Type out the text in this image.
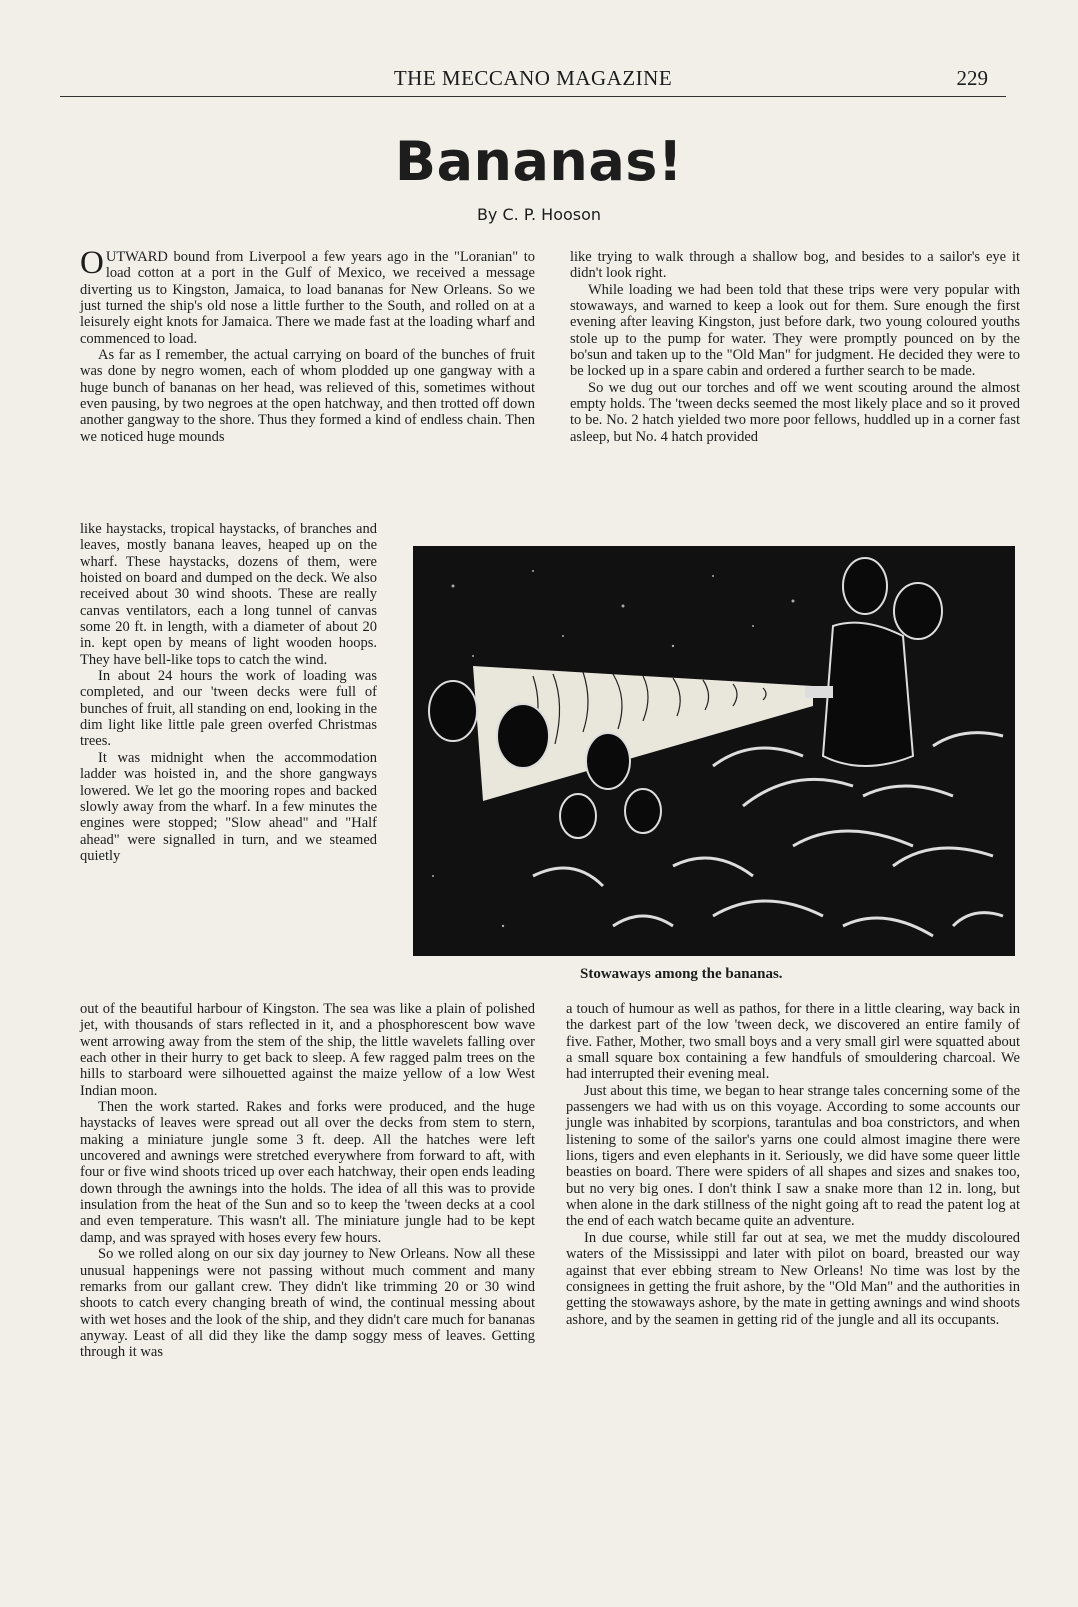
THE MECCANO MAGAZINE	229
Bananas!
By C. P. Hooson

OUTWARD bound from Liverpool a few years ago in the "Loranian" to load cotton at a port in the Gulf of Mexico, we received a message diverting us to Kingston, Jamaica, to load bananas for New Orleans. So we just turned the ship's old nose a little further to the South, and rolled on at a leisurely eight knots for Jamaica. There we made fast at the loading wharf and commenced to load.

As far as I remember, the actual carrying on board of the bunches of fruit was done by negro women, each of whom plodded up one gangway with a huge bunch of bananas on her head, was relieved of this, sometimes without even pausing, by two negroes at the open hatchway, and then trotted off down another gangway to the shore. Thus they formed a kind of endless chain. Then we noticed huge mounds

like haystacks, tropical haystacks, of branches and leaves, mostly banana leaves, heaped up on the wharf. These haystacks, dozens of them, were hoisted on board and dumped on the deck. We also received about 30 wind shoots. These are really canvas ventilators, each a long tunnel of canvas some 20 ft. in length, with a diameter of about 20 in. kept open by means of light wooden hoops. They have bell-like tops to catch the wind.

In about 24 hours the work of loading was completed, and our 'tween decks were full of bunches of fruit, all standing on end, looking in the dim light like little pale green overfed Christmas trees.

It was midnight when the accommodation ladder was hoisted in, and the shore gangways lowered. We let go the mooring ropes and backed slowly away from the wharf. In a few minutes the engines were stopped; "Slow ahead" and "Half ahead" were signalled in turn, and we steamed quietly

out of the beautiful harbour of Kingston. The sea was like a plain of polished jet, with thousands of stars reflected in it, and a phosphorescent bow wave went arrowing away from the stem of the ship, the little wavelets falling over each other in their hurry to get back to sleep. A few ragged palm trees on the hills to starboard were silhouetted against the maize yellow of a low West Indian moon.

Then the work started. Rakes and forks were produced, and the huge haystacks of leaves were spread out all over the decks from stem to stern, making a miniature jungle some 3 ft. deep. All the hatches were left uncovered and awnings were stretched everywhere from forward to aft, with four or five wind shoots triced up over each hatchway, their open ends leading down through the awnings into the holds. The idea of all this was to provide insulation from the heat of the Sun and so to keep the 'tween decks at a cool and even temperature. This wasn't all. The miniature jungle had to be kept damp, and was sprayed with hoses every few hours.

So we rolled along on our six day journey to New Orleans. Now all these unusual happenings were not passing without much comment and many remarks from our gallant crew. They didn't like trimming 20 or 30 wind shoots to catch every changing breath of wind, the continual messing about with wet hoses and the look of the ship, and they didn't care much for bananas anyway. Least of all did they like the damp soggy mess of leaves. Getting through it was

like trying to walk through a shallow bog, and besides to a sailor's eye it didn't look right.

While loading we had been told that these trips were very popular with stowaways, and warned to keep a look out for them. Sure enough the first evening after leaving Kingston, just before dark, two young coloured youths stole up to the pump for water. They were promptly pounced on by the bo'sun and taken up to the "Old Man" for judgment. He decided they were to be locked up in a spare cabin and ordered a further search to be made.

So we dug out our torches and off we went scouting around the almost empty holds. The 'tween decks seemed the most likely place and so it proved to be. No. 2 hatch yielded two more poor fellows, huddled up in a corner fast asleep, but No. 4 hatch provided

Stowaways among the bananas.

a touch of humour as well as pathos, for there in a little clearing, way back in the darkest part of the low 'tween deck, we discovered an entire family of five. Father, Mother, two small boys and a very small girl were squatted about a small square box containing a few handfuls of smouldering charcoal. We had interrupted their evening meal.

Just about this time, we began to hear strange tales concerning some of the passengers we had with us on this voyage. According to some accounts our jungle was inhabited by scorpions, tarantulas and boa constrictors, and when listening to some of the sailor's yarns one could almost imagine there were lions, tigers and even elephants in it. Seriously, we did have some queer little beasties on board. There were spiders of all shapes and sizes and snakes too, but no very big ones. I don't think I saw a snake more than 12 in. long, but when alone in the dark stillness of the night going aft to read the patent log at the end of each watch became quite an adventure.

In due course, while still far out at sea, we met the muddy discoloured waters of the Mississippi and later with pilot on board, breasted our way against that ever ebbing stream to New Orleans! No time was lost by the consignees in getting the fruit ashore, by the "Old Man" and the authorities in getting the stowaways ashore, by the mate in getting awnings and wind shoots ashore, and by the seamen in getting rid of the jungle and all its occupants.
